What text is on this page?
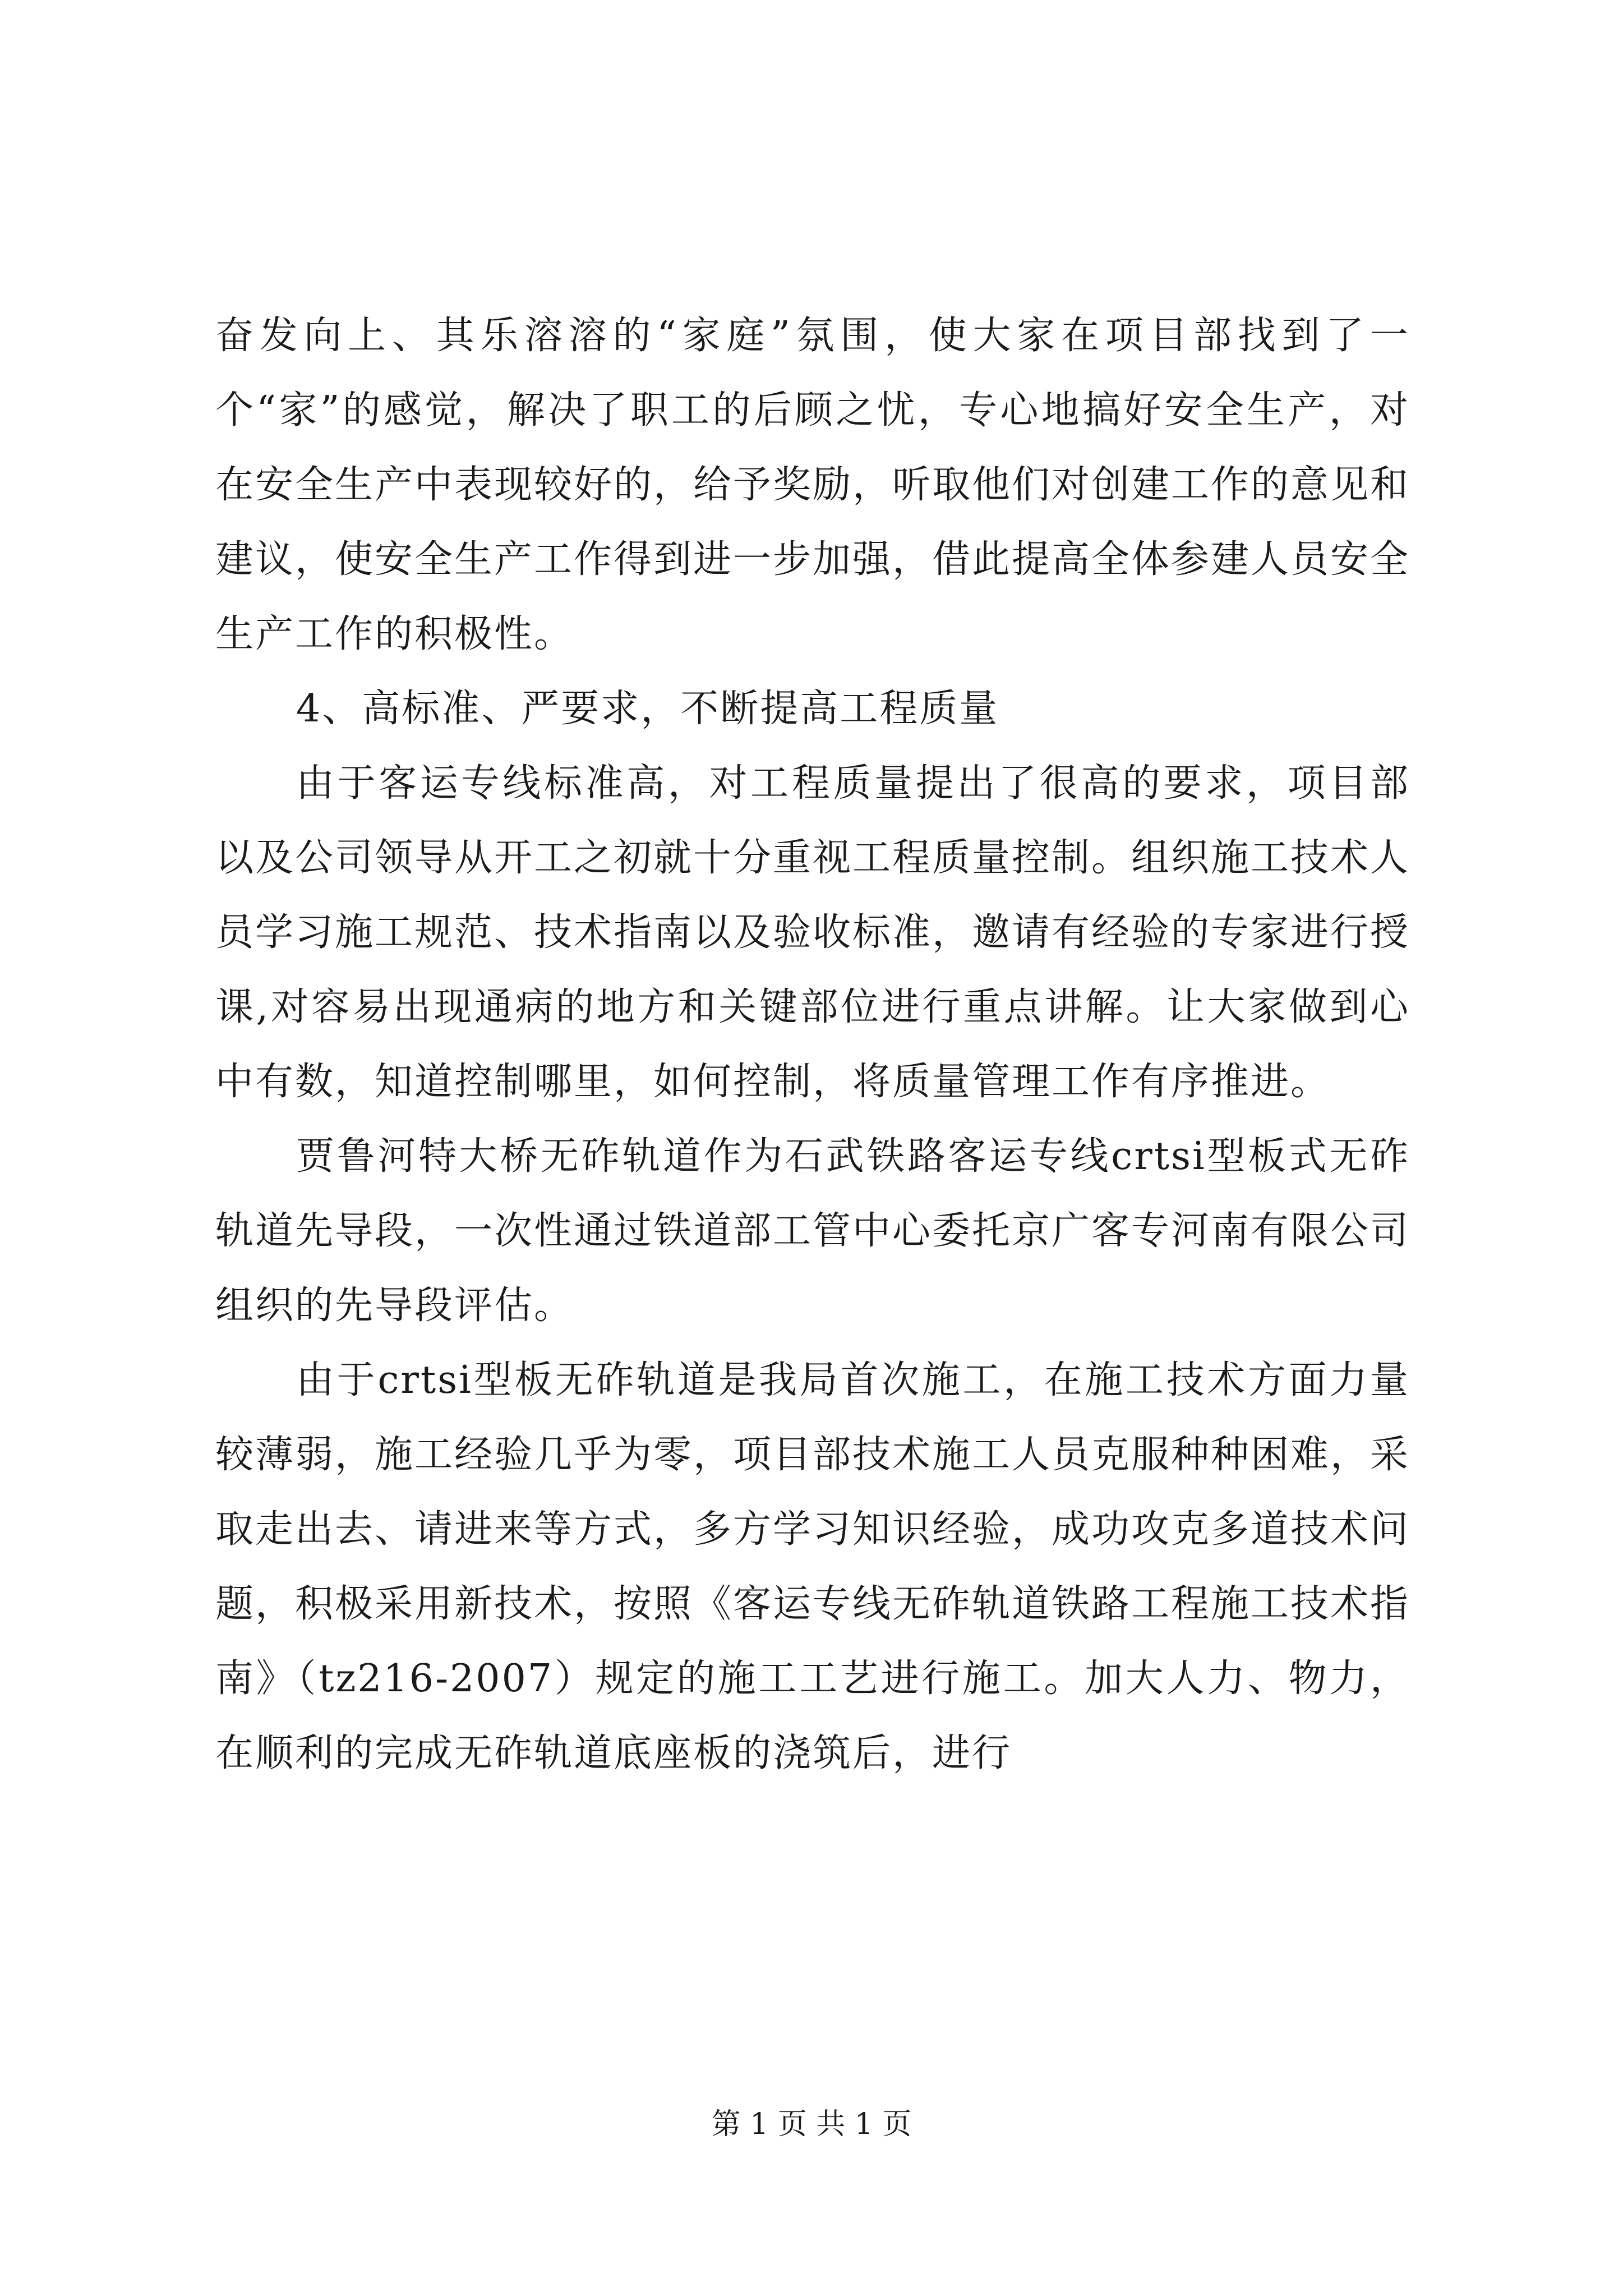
奋发向上、其乐溶溶的“家庭”氛围，使大家在项目部找到了一个“家”的感觉，解决了职工的后顾之忧，专心地搞好安全生产，对在安全生产中表现较好的，给予奖励，听取他们对创建工作的意见和建议，使安全生产工作得到进一步加强，借此提高全体参建人员安全生产工作的积极性。

4、高标准、严要求，不断提高工程质量

由于客运专线标准高，对工程质量提出了很高的要求，项目部以及公司领导从开工之初就十分重视工程质量控制。组织施工技术人员学习施工规范、技术指南以及验收标准，邀请有经验的专家进行授课,对容易出现通病的地方和关键部位进行重点讲解。让大家做到心中有数，知道控制哪里，如何控制，将质量管理工作有序推进。

贾鲁河特大桥无砟轨道作为石武铁路客运专线crtsi型板式无砟轨道先导段，一次性通过铁道部工管中心委托京广客专河南有限公司组织的先导段评估。

由于crtsi型板无砟轨道是我局首次施工，在施工技术方面力量较薄弱，施工经验几乎为零，项目部技术施工人员克服种种困难，采取走出去、请进来等方式，多方学习知识经验，成功攻克多道技术问题，积极采用新技术，按照《客运专线无砟轨道铁路工程施工技术指南》（tz216-2007）规定的施工工艺进行施工。加大人力、物力，在顺利的完成无砟轨道底座板的浇筑后，进行

第 1 页 共 1 页
